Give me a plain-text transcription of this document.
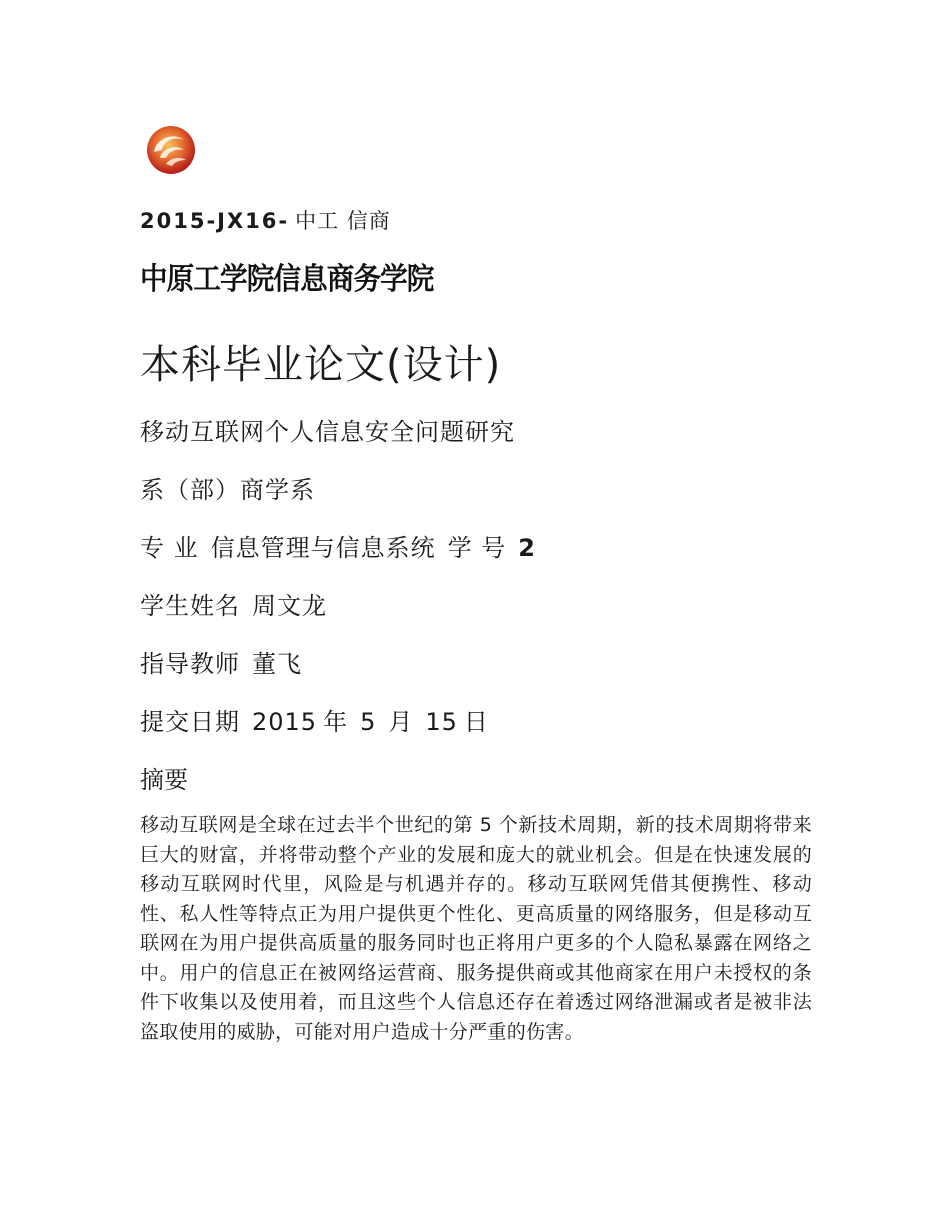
2015-JX16- 中工 信商
中原工学院信息商务学院
本科毕业论文(设计)
移动互联网个人信息安全问题研究
系（部）商学系
专 业 信息管理与信息系统 学 号 2
学生姓名 周文龙
指导教师 董飞
提交日期 2015 年 5 月 15 日
摘要
移动互联网是全球在过去半个世纪的第 5 个新技术周期，新的技术周期将带来巨大的财富，并将带动整个产业的发展和庞大的就业机会。但是在快速发展的移动互联网时代里，风险是与机遇并存的。移动互联网凭借其便携性、移动性、私人性等特点正为用户提供更个性化、更高质量的网络服务，但是移动互联网在为用户提供高质量的服务同时也正将用户更多的个人隐私暴露在网络之中。用户的信息正在被网络运营商、服务提供商或其他商家在用户未授权的条件下收集以及使用着，而且这些个人信息还存在着透过网络泄漏或者是被非法盗取使用的威胁，可能对用户造成十分严重的伤害。
